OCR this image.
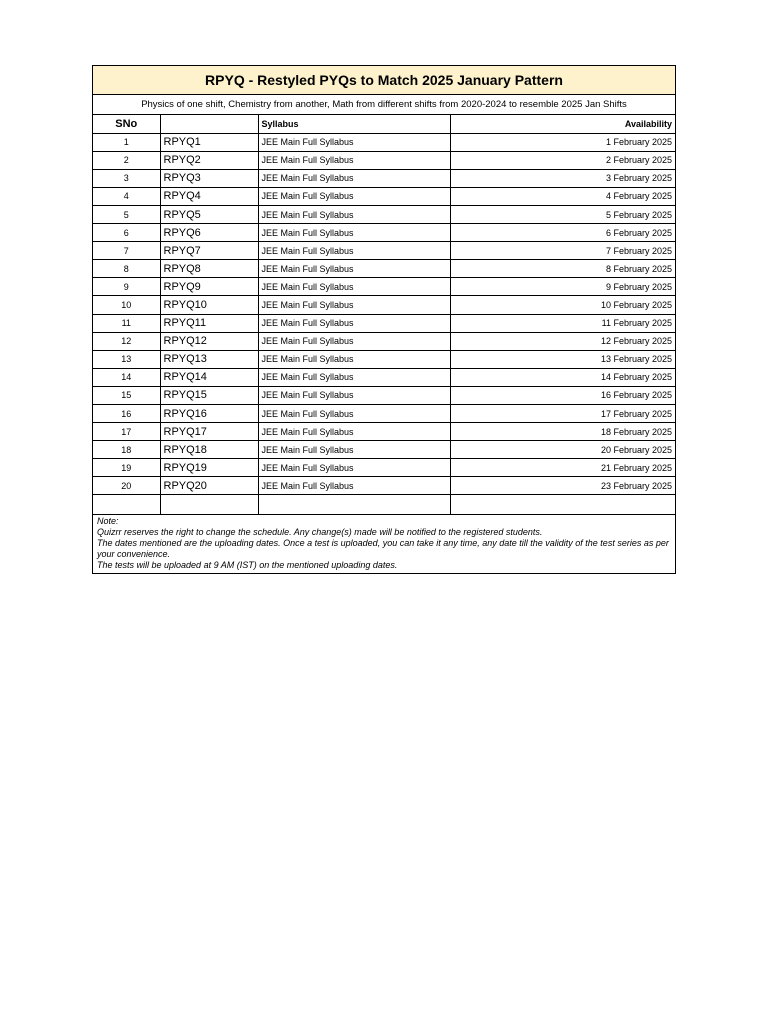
RPYQ - Restyled PYQs to Match 2025 January Pattern
Physics of one shift, Chemistry from another, Math from different shifts from 2020-2024 to resemble 2025 Jan Shifts
SNo		Syllabus	Availability
1	RPYQ1	JEE Main Full Syllabus	1 February 2025
2	RPYQ2	JEE Main Full Syllabus	2 February 2025
3	RPYQ3	JEE Main Full Syllabus	3 February 2025
4	RPYQ4	JEE Main Full Syllabus	4 February 2025
5	RPYQ5	JEE Main Full Syllabus	5 February 2025
6	RPYQ6	JEE Main Full Syllabus	6 February 2025
7	RPYQ7	JEE Main Full Syllabus	7 February 2025
8	RPYQ8	JEE Main Full Syllabus	8 February 2025
9	RPYQ9	JEE Main Full Syllabus	9 February 2025
10	RPYQ10	JEE Main Full Syllabus	10 February 2025
11	RPYQ11	JEE Main Full Syllabus	11 February 2025
12	RPYQ12	JEE Main Full Syllabus	12 February 2025
13	RPYQ13	JEE Main Full Syllabus	13 February 2025
14	RPYQ14	JEE Main Full Syllabus	14 February 2025
15	RPYQ15	JEE Main Full Syllabus	16 February 2025
16	RPYQ16	JEE Main Full Syllabus	17 February 2025
17	RPYQ17	JEE Main Full Syllabus	18 February 2025
18	RPYQ18	JEE Main Full Syllabus	20 February 2025
19	RPYQ19	JEE Main Full Syllabus	21 February 2025
20	RPYQ20	JEE Main Full Syllabus	23 February 2025

Note:
Quizrr reserves the right to change the schedule. Any change(s) made will be notified to the registered students.
The dates mentioned are the uploading dates. Once a test is uploaded, you can take it any time, any date till the validity of the test series as per your convenience.
The tests will be uploaded at 9 AM (IST) on the mentioned uploading dates.
